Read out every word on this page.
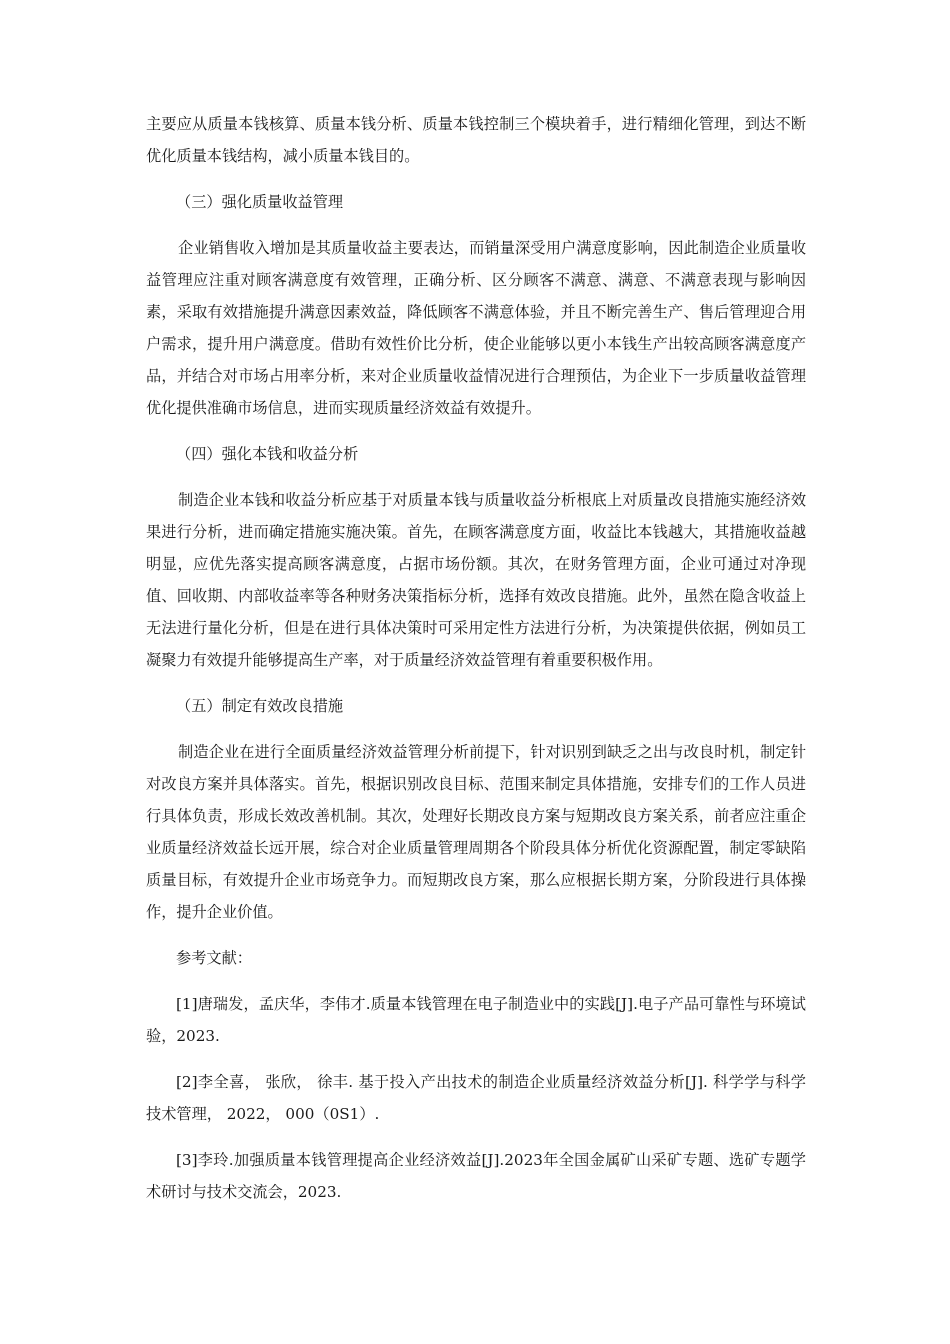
主要应从质量本钱核算、质量本钱分析、质量本钱控制三个模块着手，进行精细化管理，到达不断优化质量本钱结构，减小质量本钱目的。

（三）强化质量收益管理

企业销售收入增加是其质量收益主要表达，而销量深受用户满意度影响，因此制造企业质量收益管理应注重对顾客满意度有效管理，正确分析、区分顾客不满意、满意、不满意表现与影响因素，采取有效措施提升满意因素效益，降低顾客不满意体验，并且不断完善生产、售后管理迎合用户需求，提升用户满意度。借助有效性价比分析，使企业能够以更小本钱生产出较高顾客满意度产品，并结合对市场占用率分析，来对企业质量收益情况进行合理预估，为企业下一步质量收益管理优化提供准确市场信息，进而实现质量经济效益有效提升。

（四）强化本钱和收益分析

制造企业本钱和收益分析应基于对质量本钱与质量收益分析根底上对质量改良措施实施经济效果进行分析，进而确定措施实施决策。首先，在顾客满意度方面，收益比本钱越大，其措施收益越明显，应优先落实提高顾客满意度，占据市场份额。其次，在财务管理方面，企业可通过对净现值、回收期、内部收益率等各种财务决策指标分析，选择有效改良措施。此外，虽然在隐含收益上无法进行量化分析，但是在进行具体决策时可采用定性方法进行分析，为决策提供依据，例如员工凝聚力有效提升能够提高生产率，对于质量经济效益管理有着重要积极作用。

（五）制定有效改良措施

制造企业在进行全面质量经济效益管理分析前提下，针对识别到缺乏之出与改良时机，制定针对改良方案并具体落实。首先，根据识别改良目标、范围来制定具体措施，安排专们的工作人员进行具体负责，形成长效改善机制。其次，处理好长期改良方案与短期改良方案关系，前者应注重企业质量经济效益长远开展，综合对企业质量管理周期各个阶段具体分析优化资源配置，制定零缺陷质量目标，有效提升企业市场竞争力。而短期改良方案，那么应根据长期方案，分阶段进行具体操作，提升企业价值。

参考文献：

[1]唐瑞发，孟庆华，李伟才.质量本钱管理在电子制造业中的实践[J].电子产品可靠性与环境试验，2023.

[2]李全喜， 张欣， 徐丰. 基于投入产出技术的制造企业质量经济效益分析[J]. 科学学与科学技术管理， 2022， 000（0S1）.

[3]李玲.加强质量本钱管理提高企业经济效益[J].2023年全国金属矿山采矿专题、选矿专题学术研讨与技术交流会，2023.
